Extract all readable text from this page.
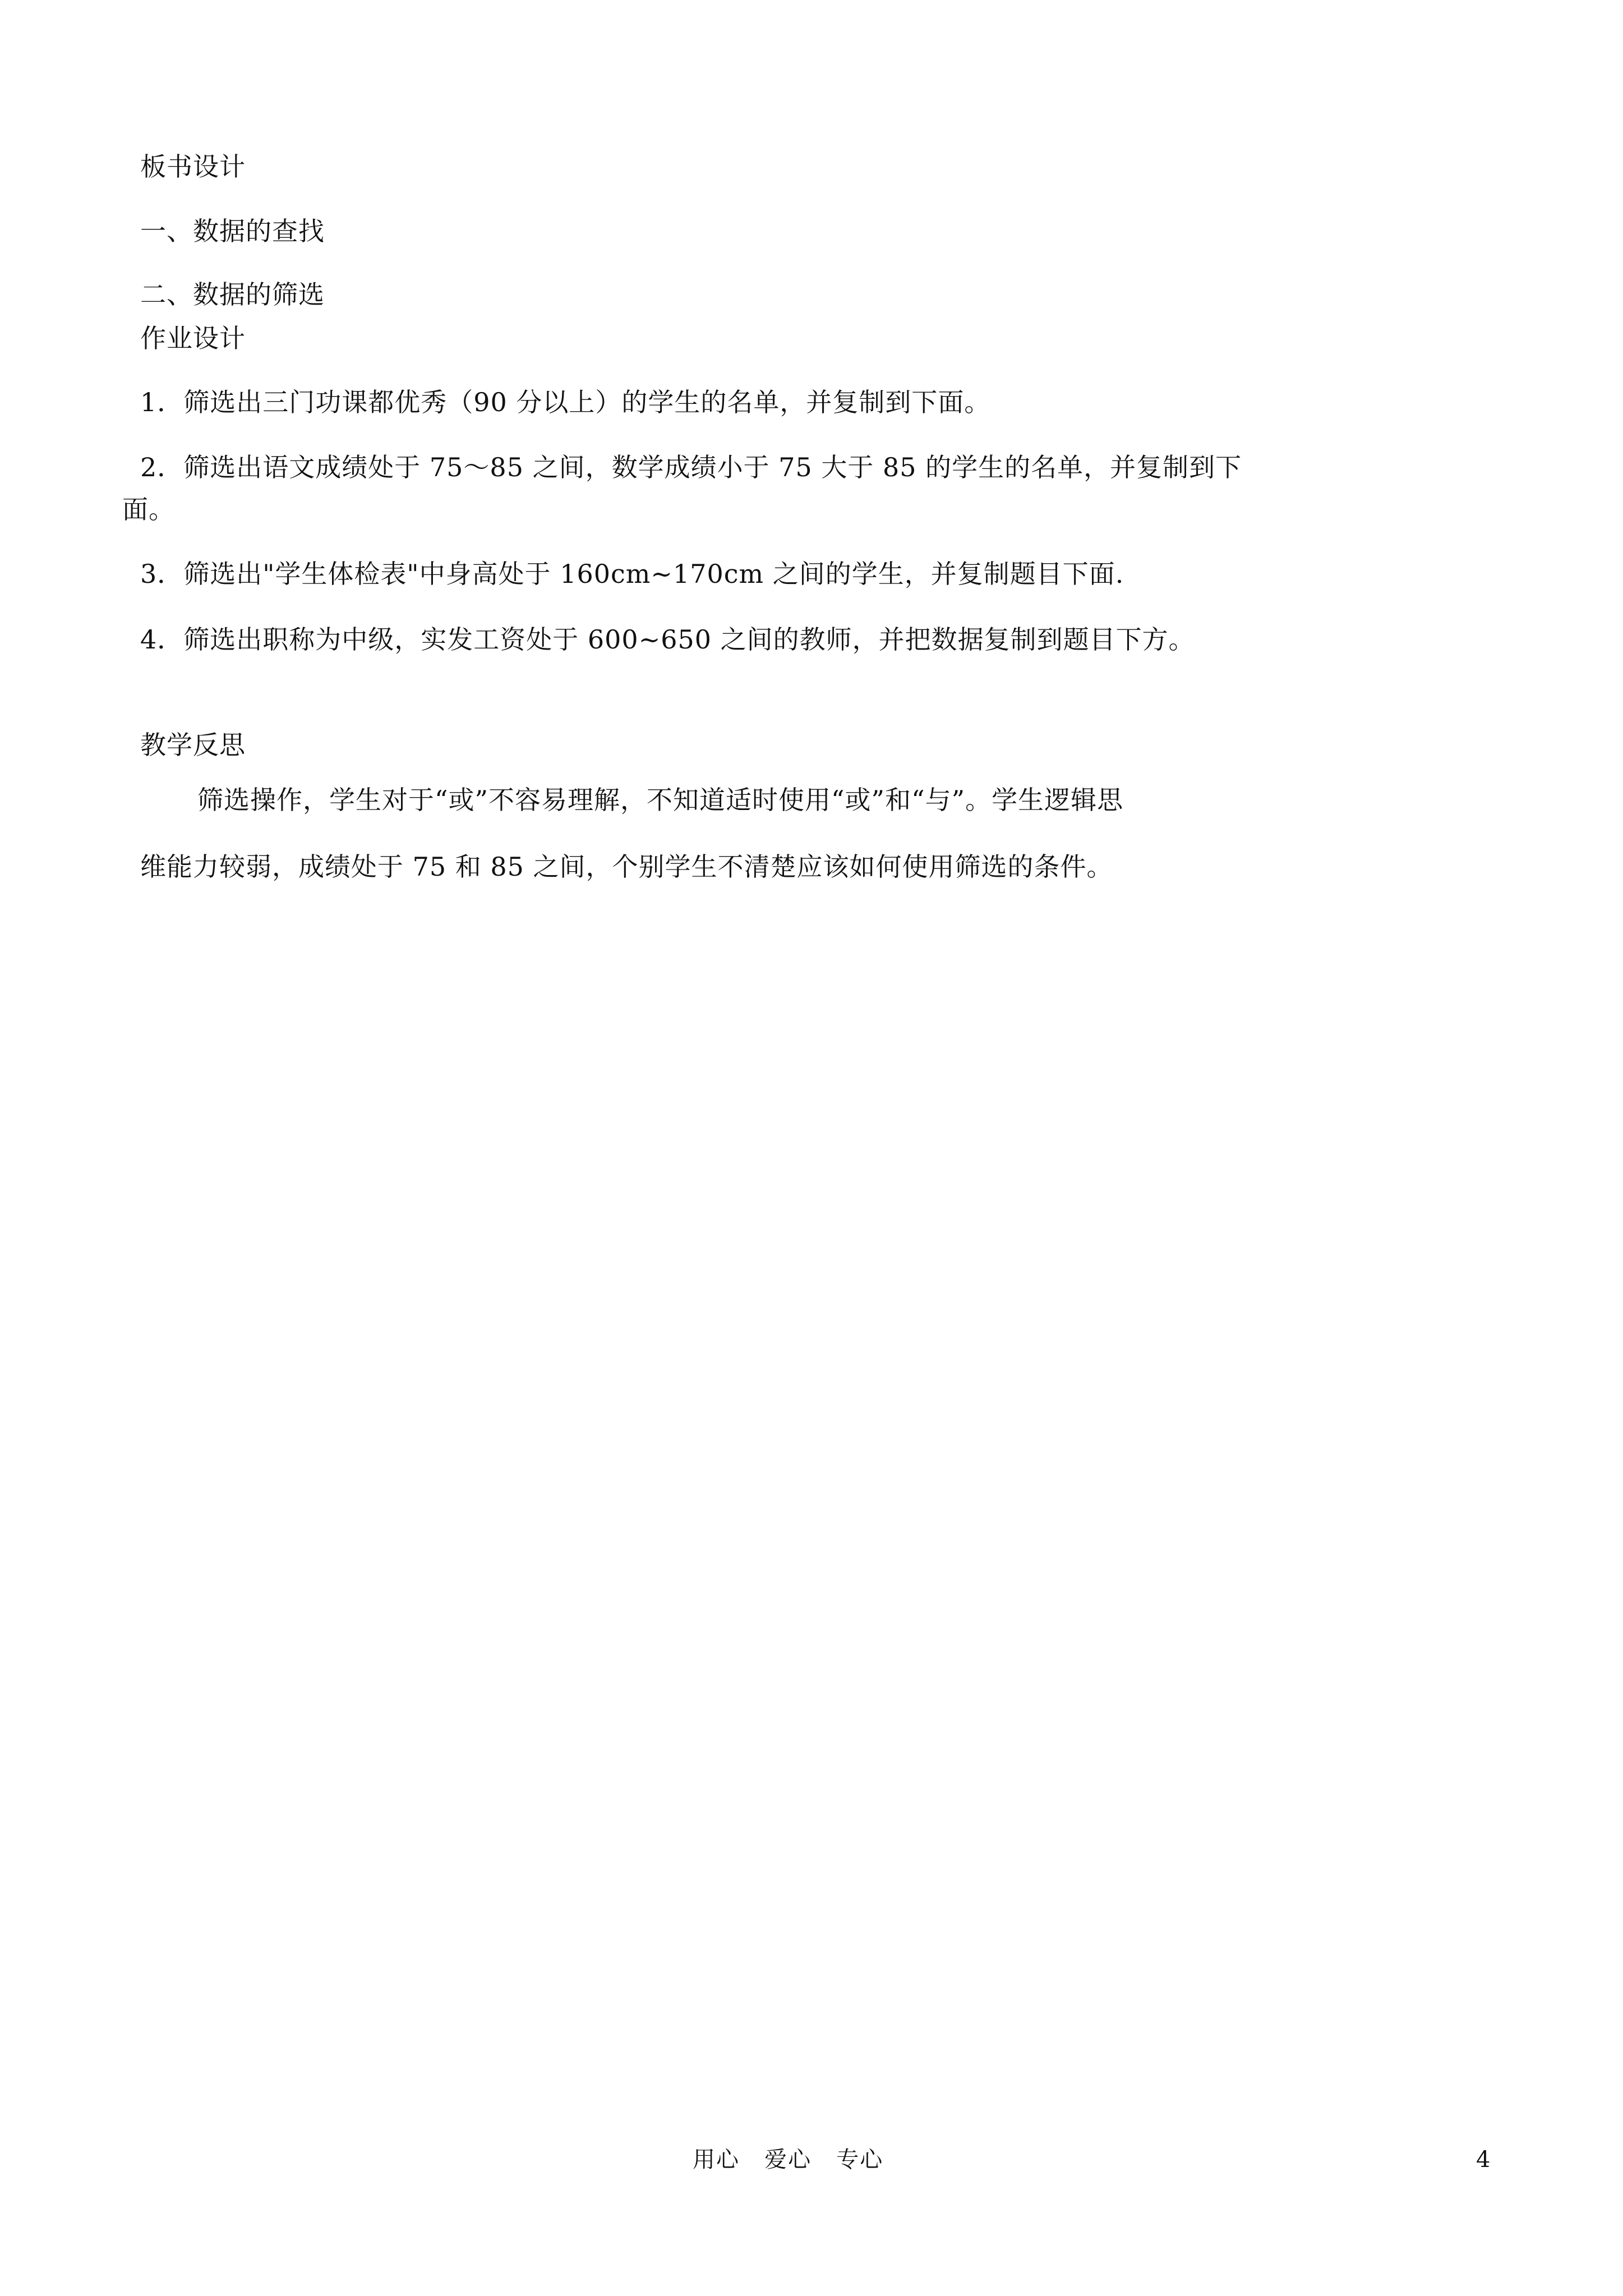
板书设计
一、数据的查找
二、数据的筛选
作业设计
1．筛选出三门功课都优秀（90 分以上）的学生的名单，并复制到下面。
2．筛选出语文成绩处于 75～85 之间，数学成绩小于 75 大于 85 的学生的名单，并复制到下
面。
3．筛选出"学生体检表"中身高处于 160cm~170cm 之间的学生，并复制题目下面.
4．筛选出职称为中级，实发工资处于 600~650 之间的教师，并把数据复制到题目下方。
教学反思
筛选操作，学生对于“或”不容易理解，不知道适时使用“或”和“与”。学生逻辑思
维能力较弱，成绩处于 75 和 85 之间，个别学生不清楚应该如何使用筛选的条件。
用心   爱心   专心	4
